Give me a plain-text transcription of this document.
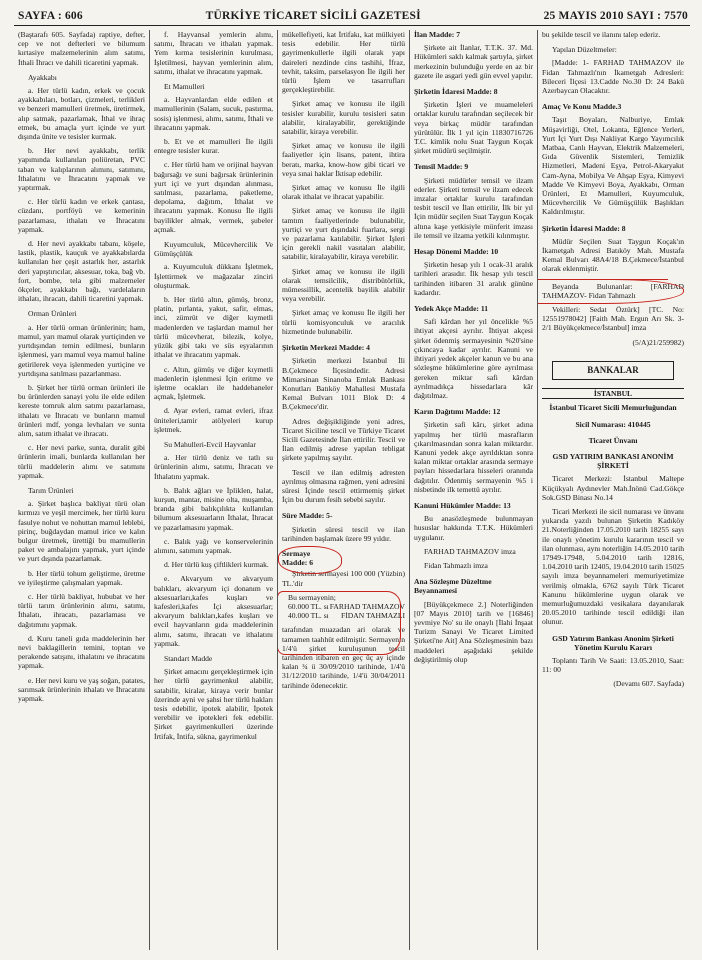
SAYFA : 606	TÜRKİYE TİCARET SİCİLİ GAZETESİ	25 MAYIS 2010 SAYI : 7570

(Baştarafı 605. Sayfada) raptiye, defter, cep ve not defterleri ve bilumum kırtasiye malzemelerinin alım satımı, İthali İhracı ve dahili ticaretini yapmak.

Ayakkabı

a. Her türlü kadın, erkek ve çocuk ayakkabıları, botları, çizmeleri, terlikleri ve benzeri mamulleri üretmek, üretirmek, alıp satmak, pazarlamak, İthal ve ihraç etmek, bu amaçla yurt içinde ve yurt dışında ünite ve tesisler kurmak.

b. Her nevi ayakkabı, terlik yapımında kullanılan poliüretan, PVC taban ve kalıplarının alımını, satımını, İthalatını ve İhracatını yapmak ve yaptırmak.

c. Her türlü kadın ve erkek çantası, cüzdanı, portföyü ve kemerinin pazarlaması, ithalatı ve İhracatını yapmak.

d. Her nevi ayakkabı tabanı, köşele, lastik, plastik, kauçuk ve ayakkabılarda kullanılan her çeşit astarlık her, astarlık deri yapıştırıcılar, aksesuar, toka, bağ vb. fort, bombe, tela gibi malzemeler ökçeler, ayakkabı bağı, vardelaların ithalatı, ihracatı, dahili ticaretini yapmak.

Orman Ürünleri

a. Her türlü orman ürünlerinin; ham, mamul, yarı mamul olarak yurtiçinden ve yurtdışından temin edilmesi, bunların işlenmesi, yarı mamul veya mamul haline getirilerek veya işlenmeden yurtiçine ve yurtdışına satılması pazarlanması.

b. Şirket her türlü orman ürünleri ile bu ürünlerden sanayi yolu ile elde edilen kereste tomruk alım satımı pazarlaması, ithalatı ve İhracatı ve bunların mamul ürünleri mdf, yonga levhaları ve sunta alım, satım ithalat ve ihracatı.

c. Her nevi parke, sunta, duralit gibi ürünlerin imali, bunlarda kullanılan her türlü maddelerin alımı ve satımını yapmak.

Tarım Ürünleri

a. Şirket başlıca bakliyat türü olan kırmızı ve yeşil mercimek, her türlü kuru fasulye nohut ve nohuttan mamul leblebi, pirinç, buğdaydan mamul irice ve kalın bulgur üretmek, ürettiği bu mamullerin paket ve ambalajını yapmak, yurt içinde ve yurt dışında pazarlamak.

b. Her türlü tohum geliştirme, üretme ve iyileştirme çalışmaları yapmak.

c. Her türlü bakliyat, hububat ve her türlü tarım ürünlerinin alımı, satımı, İthalatı, ihracatı, pazarlaması ve dağıtımını yapmak.

d. Kuru taneli gıda maddelerinin her nevi baklagillerin temini, toptan ve perakende satışını, ithalatını ve ihracatını yapmak.

e. Her nevi kuru ve yaş soğan, patates, sarımsak ürünlerinin ithalatı ve İhracatını yapmak.

f. Hayvansal yemlerin alımı, satımı, İhracatı ve ithalatı yapmak. Yem kırma tesislerinin kurulması, İşletilmesi, hayvan yemlerinin alım, satımı, ithalat ve ihracatını yapmak.

Et Mamulleri

a. Hayvanlardan elde edilen et mamullerinin (Salam, sucuk, pastırma, sosis) işlenmesi, alımı, satımı, İthali ve ihracatını yapmak.

b. Et ve et mamulleri İle ilgili entegre tesisler kurar.

c. Her türlü ham ve orijinal hayvan bağırsağı ve suni bağırsak ürünlerinin yurt içi ve yurt dışından alınması, satılması, pazarlama, paketleme, depolama, dağıtım, İthalat ve ihracatını yapmak. Konusu İle ilgili bayilikler almak, vermek, şubeler açmak.

Kuyumculuk, Mücevhercilik Ve Gümüşçülük

a. Kuyumculuk dükkanı İşletmek, İşlettirmek ve mağazalar zinciri oluşturmak.

b. Her türlü altın, gümüş, bronz, platin, pırlanta, yakut, safir, elmas, inci, zümrüt ve diğer kıymetli madenlerden ve taşlardan mamul her türlü mücevherat, bilezik, kolye, yüzük gibi takı ve süs eşyalarının ithalat ve ihracatını yapmak.

c. Altın, gümüş ve diğer kıymetli madenlerin işlenmesi İçin eritme ve işletme ocakları ile haddehaneler açmak, İşletmek.

d. Ayar evleri, ramat evleri, ifraz üniteleri,tamir atölyeleri kurup işletmek.

Su Mahulleri-Evcil Hayvanlar

a. Her türlü deniz ve tatlı su ürünlerinin alımı, satımı, İhracatı ve İthalatını yapmak.

b. Balık ağları ve İpliklen, halat, kurşun, mantar, misine olta, muşamba, branda gibi balıkçılıkta kullanılan bilumum aksesuarların İthalat, İhracat ve pazarlamasını yapmak.

c. Balık yağı ve konservelerinin alımını, satımını yapmak.

d. Her türlü kuş çiftlikleri kurmak.

e. Akvaryum ve akvaryum balıkları, akvaryum içi donanım ve aksesuarları,kafes kuşları ve kafesleri,kafes İçi aksesuarlar; akvaryum balıkları,kafes kuşları ve evcil hayvanların gıda maddelerinin alımı, satımı, ihracatı ve ithalatını yapmak.

Standart Madde

Şirket amacını gerçekleştirmek için her türlü gayrimenkul alabilir, satabilir, kiralar, kiraya verir bunlar üzerinde ayni ve şahsi her türlü hakları tesis edebilir, ipotek alabilir, İpotek verebilir ve ipotekleri fek edebilir. Şirket gayrimenkulleri üzerinde İrtifak, İntifa, sükna, gayrimenkul

mükellefiyeti, kat İrtifakı, kat mülkiyeti tesis edebilir. Her türlü gayrimenkullerle ilgili olarak yapı daireleri nezdinde cins tashihi, İfraz, tevhit, taksim, parselasyon İle ilgili her türlü İşlem ve tasarrufları gerçekleştirebilir.

Şirket amaç ve konusu ile ilgili tesisler kurabilir, kurulu tesisleri satın alabilir, kiralayabilir, gerektiğinde satabilir, kiraya verebilir.

Şirket amaç ve konusu ile ilgili faaliyetler için lisans, patent, ihtira beratı, marka, know-how gibi ticari ve veya sınai haklar İktisap edebilir.

Şirket amaç ve konusu İle ilgili olarak ithalat ve ihracat yapabilir.

Şirket amaç ve konusu ile ilgili tamtım faaliyetlerinde bulunabilir, yurtiçi ve yurt dışındaki fuarlara, sergi ve pazarlama katılabilir. Şirket İşleri için gerekli nakil vasıtaları alabilir, satabilir, kiralayabilir, kiraya verebilir.

Şirket amaç ve konusu ile ilgili olarak temsilcilik, distribütörlük, mümessillik, acentelik bayilik alabilir veya verebilir.

Şirket amaç ve konusu İle ilgili her türlü komisyonculuk ve aracılık hizmetinde bulunabilir.

Şirketin Merkezi Madde: 4

Şirketin merkezi İstanbul İli B.Çekmece İlçesindedir. Adresi Mimarsinan Sinanoba Emlak Bankası Konutları Batıköy Mahallesi Mustafa Kemal Bulvarı 1011 Blok D: 4 B.Çekmece'dir.

Adres değişikliğinde yeni adres, Ticaret Siciline tescil ve Türkiye Ticaret Sicili Gazetesinde İlan ettirilir. Tescil ve İlan edilmiş adrese yapılan tebligat şirkete yapılmış sayılır.

Tescil ve ilan edilmiş adresten ayrılmış olmasına rağmen, yeni adresini süresi İçinde tescil ettirmemiş şirket İçin bu durum fesih sebebi sayılır.

Süre Madde: 5-

Şirketin süresi tescil ve ilan tarihinden başlamak üzere 99 yıldır.

Sermaye
Madde: 6

Şirketin sermayesi 100 000 (Yüzbin) TL.'dir

Bu sermayenin;
60.000 TL. sı FARHAD TAHMAZOV
40.000 TL. sı FİDAN TAHMAZLI

tarafından muazadan ari olarak ve tamamen taahhüt edilmiştir. Sermayenin 1/4'ü şirket kuruluşunun tescil tarihinden itibaren en geç üç ay içinde kalan ¾ ü 30/09/2010 tarihinde, 1/4'ü 31/12/2010 tarihinde, 1/4'ü 30/04/2011 tarihinde ödenecektir.

İlan Madde: 7

Şirkete ait İlanlar, T.T.K. 37. Md. Hükümleri saklı kalmak şartıyla, şirket merkezinin bulunduğu yerde en az bir gazete ile asgari yedi gün evvel yapılır.

Şirketin İdaresi Madde: 8

Şirketin İşleri ve muameleleri ortaklar kurulu tarafından seçilecek bir veya birkaç müdür tarafından yürütülür. İlk 1 yıl için 11830716726 T.C. kimlik nolu Suat Taygun Koçak şirket müdürü seçilmiştir.

Temsil Madde: 9

Şirketi müdürler temsil ve ilzam ederler. Şirketi temsil ve ilzam edecek imzalar ortaklar kurulu tarafından tesbit tescil ve İlan ettirilir, İlk bir yıl İçin müdür seçilen Suat Taygun Koçak altına kaşe yetkisiyle münferit imzası ile temsil ve ilzama yetkili kılınmıştır.

Hesap Dönemi Madde: 10

Şirketin hesap yılı 1 ocak-31 aralık tarihleri arasıdır. İlk hesap yılı tescil tarihinden itibaren 31 aralık gününe kadardır.

Yedek Akçe Madde: 11

Safi kârdan her yıl öncelikle %5 ihtiyat akçesi ayrılır. İhtiyat akçesi şirket ödenmiş sermayesinin %20'sine çıkıncaya kadar ayrılır. Kanuni ve ihtiyari yedek akçeler kanun ve bu ana sözleşme hükümlerine göre ayrılması gereken miktar safi kârdan ayrılmadıkça hissedarlara kâr dağıtılmaz.

Karın Dağıtımı Madde: 12

Şirketin safi kârı, şirket adına yapılmış her türlü masrafların çıkarılmasından sonra kalan miktardır. Kanuni yedek akçe ayrıldıktan sonra kalan miktar ortaklar arasında sermaye payları hissedarlara hisseleri oranında dağıtılır. Ödenmiş sermayenin %5 i nisbetinde ilk temettü ayrılır.

Kanuni Hükümler Madde: 13

Bu anasözleşmede bulunmayan hususlar hakkında T.T.K. Hükümleri uygulanır.

FARHAD TAHMAZOV imza

Fidan Tahmazlı imza

Ana Sözleşme Düzeltme Beyannamesi

[Büyükçekmece 2.] Noterliğinden [07 Mayıs 2010] tarih ve [16846] yevmiye No' su ile onaylı [İlahi İnşaat Turizm Sanayi Ve Ticaret Limited Şirketi'ne Ait] Ana Sözleşmesinin bazı maddeleri aşağıdaki şekilde değiştirilmiş olup

bu şekilde tescil ve ilanını talep ederiz.

Yapılan Düzeltmeler:

[Madde: 1- FARHAD TAHMAZOV ile Fidan Tahmazlı'nın İkametgah Adresleri: Bileceri İlçesi 13.Cadde No.30 D: 24 Bakü Azerbaycan Olacaktır.

Amaç Ve Konu Madde.3

Taşıt Boyaları, Nalburiye, Emlak Müşavirliği, Otel, Lokanta, Eğlence Yerleri, Yurt İçi Yurt Dışı Nakliyat Kargo Yayımcılık Matbaa, Canlı Hayvan, Elektrik Malzemeleri, Gıda Güvenlik Sistemleri, Temizlik Hizmetleri, Madeni Eşya, Petrol-Akaryakıt Cam-Ayna, Mobilya Ve Ahşap Eşya, Kimyevi Madde Ve Kimyevi Boya, Ayakkabı, Orman Ürünleri, Et Mamulleri, Kuyumculuk, Mücevhercilik Ve Gümüşçülük Başlıkları Kaldırılmıştır.

Şirketin İdaresi Madde: 8

Müdür Seçilen Suat Taygun Koçak'ın İkametgah Adresi Batıköy Mah. Mustafa Kemal Bulvarı 48A4/18 B.Çekmece/İstanbul olarak eklenmiştir.

Beyanda Bulunanlar: [FARHAD TAHMAZOV- Fidan Tahmazlı

Vekilleri: Sedat Öztürk] [TC. No: 12551978042] [Faith Mah. Ergun Arı Sk. 3-2/1 Büyükçekmece/İstanbul] imza

(5/A)21/259982)

BANKALAR
İSTANBUL

İstanbul Ticaret Sicili Memurluğundan

Sicil Numarası: 410445

Ticaret Ünvanı

GSD YATIRIM BANKASI ANONİM ŞİRKETİ

Ticaret Merkezi: İstanbul Maltepe Küçükyalı Aydınevler Mah.İnönü Cad.Gökçe Sok.GSD Binası No.14

Ticari Merkezi ile sicil numarası ve ünvanı yukarıda yazılı bulunan Şirketin Kadıköy 21.Noterliğinden 17.05.2010 tarih 18255 sayı ile onaylı yönetim kurulu kararının tescil ve ilan olunması, aynı noterliğin 14.05.2010 tarih 17949-17948, 5.04.2010 tarih 12816, 1.04.2010 tarih 12405, 19.04.2010 tarih 15025 sayılı imza beyannameleri memuriyetimize verilmiş olmakla, 6762 sayılı Türk Ticaret Kanunu hükümlerine uygun olarak ve memurluğumuzdaki vesikalara dayanılarak 20.05.2010 tarihinde tescil edildiği ilan olunur.

GSD Yatırım Bankası Anonim Şirketi Yönetim Kurulu Kararı

Toplantı Tarih Ve Saati: 13.05.2010, Saat: 11: 00

(Devamı 607. Sayfada)
